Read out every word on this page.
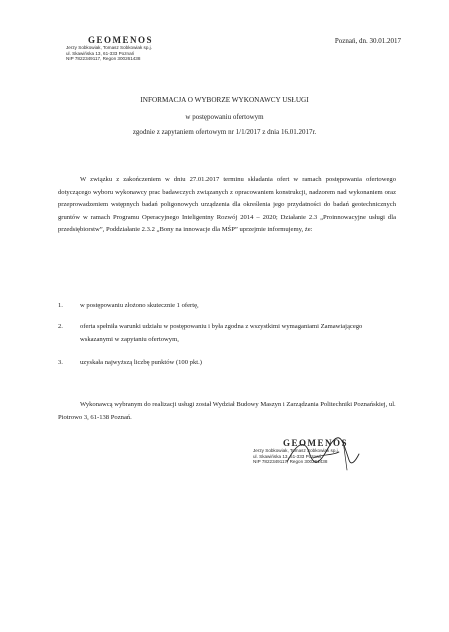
GEOMENOS
Jerzy Sobkowiak, Tomasz Sobkowiak sp.j.
ul. Skawińska 13, 61-333 Poznań
NIP 7822349117, Regon 300261438
Poznań, dn. 30.01.2017
INFORMACJA O WYBORZE WYKONAWCY USŁUGI
w postępowaniu ofertowym
zgodnie z zapytaniem ofertowym nr 1/1/2017 z dnia 16.01.2017r.
W związku z zakończeniem w dniu 27.01.2017 terminu składania ofert w ramach postępowania ofertowego dotyczącego wyboru wykonawcy prac badawczych związanych z opracowaniem konstrukcji, nadzorem nad wykonaniem oraz przeprowadzeniem wstępnych badań poligonowych urządzenia dla określenia jego przydatności do badań geotechnicznych gruntów w ramach Programu Operacyjnego Inteligentny Rozwój 2014 – 2020; Działanie 2.3 „Proinnowacyjne usługi dla przedsiębiorstw”, Poddziałanie 2.3.2 „Bony na innowacje dla MŚP” uprzejmie informujemy, że:
1.	w postępowaniu złożono skutecznie 1 ofertę,
2.	oferta spełniła warunki udziału w postępowaniu i była zgodna z wszystkimi wymaganiami Zamawiającego wskazanymi w zapytaniu ofertowym,
3.	uzyskała najwyższą liczbę punktów (100 pkt.)
Wykonawcą wybranym do realizacji usługi został Wydział Budowy Maszyn i Zarządzania Politechniki Poznańskiej, ul. Piotrowo 3, 61-138 Poznań.
GEOMENOS
Jerzy Sobkowiak, Tomasz Sobkowiak sp.j.
ul. Skawińska 13, 61-333 Poznań
NIP 7822349117, Regon 300261438
